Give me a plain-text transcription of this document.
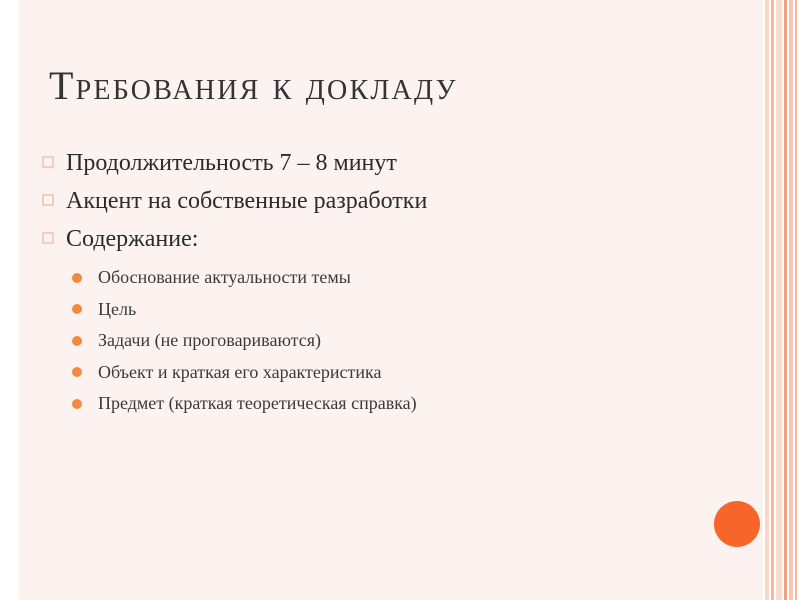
Требования к докладу
Продолжительность 7 – 8 минут
Акцент на собственные разработки
Содержание:
Обоснование актуальности темы
Цель
Задачи (не проговариваются)
Объект и краткая его характеристика
Предмет (краткая теоретическая справка)
